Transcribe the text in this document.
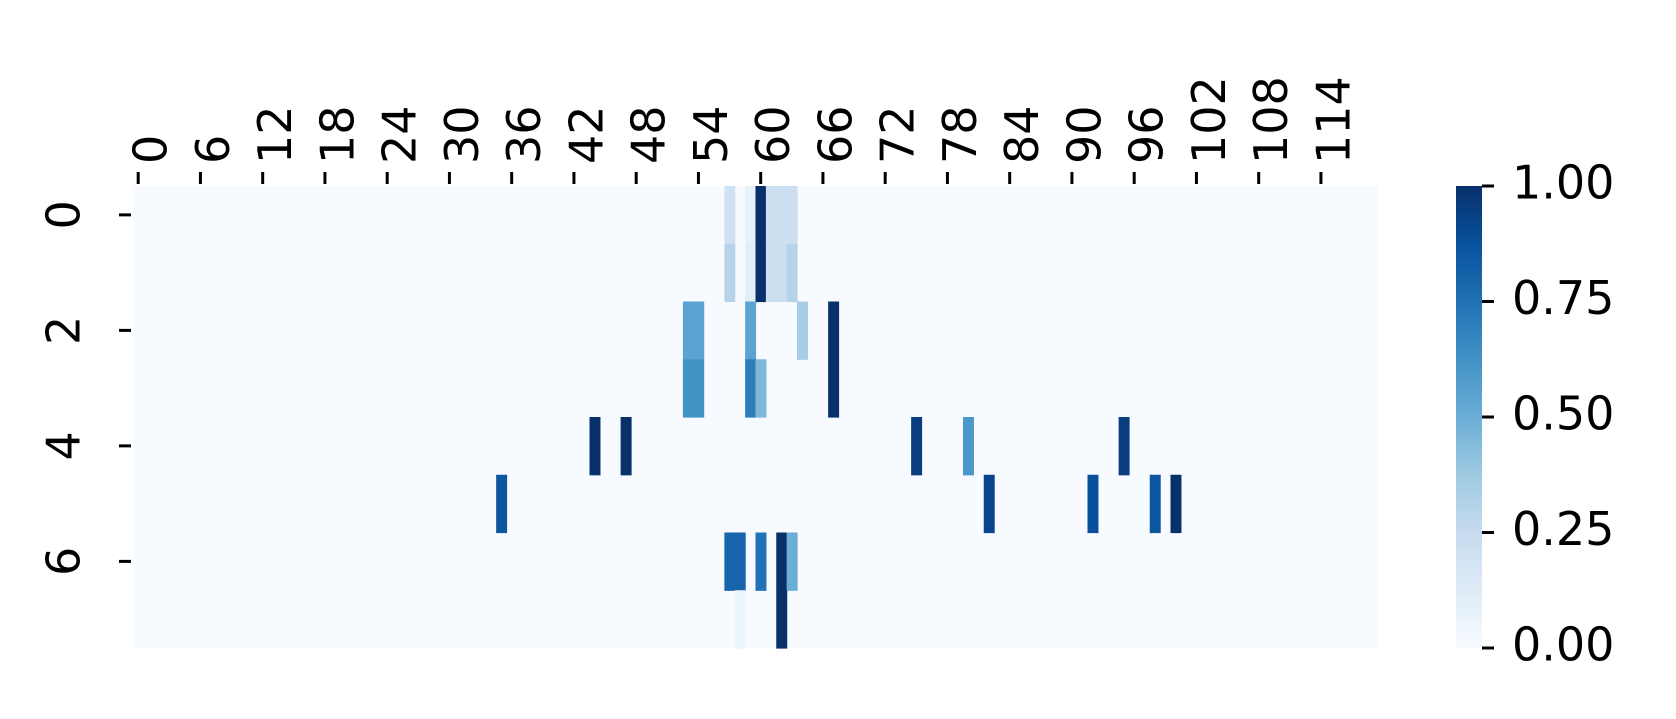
0 6 12 18 24 30 36 42 48 54 60 66 72 78 84 90 96 102 108 114
0
2
4
6
0.00
0.25
0.50
0.75
1.00
